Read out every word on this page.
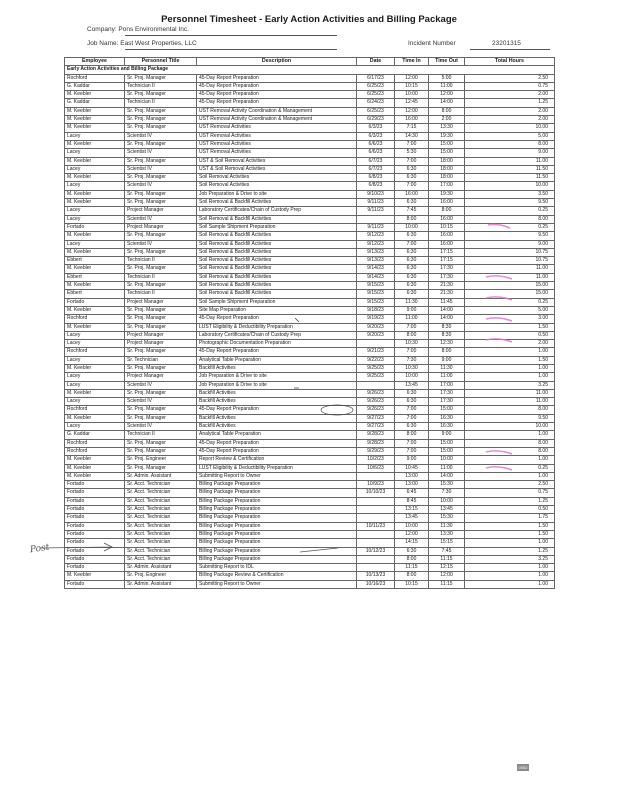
Personnel Timesheet - Early Action Activities and Billing Package
Company: Pons Environmental Inc.
Job Name: East West Properties, LLC	Incident Number	23201315
Employee	Personnel Title	Description	Date	Time In	Time Out	Total Hours
Early Action Activities and Billing Package						
Rochford	Sr. Proj. Manager	45-Day Report Preparation	6/17/23	12:00	5:00	2.50
G. Kaddar	Technician II	45-Day Report Preparation	6/25/23	10:15	11:00	0.75
M. Keebler	Sr. Proj. Manager	45-Day Report Preparation	6/25/23	10:00	12:00	2.00
G. Kaddar	Technician II	45-Day Report Preparation	6/24/23	12:45	14:00	1.25
M. Keebler	Sr. Proj. Manager	UST Removal Activity Coordination & Management	6/25/23	12:00	8:00	2.00
M. Keebler	Sr. Proj. Manager	UST Removal Activity Coordination & Management	6/29/23	16:00	2:00	2.00
M. Keebler	Sr. Proj. Manager	UST Removal Activities	6/3/23	7:15	13:30	10.00
Lacey	Scientist IV	UST Removal Activities	6/3/23	14:30	19:30	5.00
M. Keebler	Sr. Proj. Manager	UST Removal Activities	6/6/23	7:00	15:00	8.00
Lacey	Scientist IV	UST Removal Activities	6/6/23	5:30	15:00	9.00
M. Keebler	Sr. Proj. Manager	UST & Soil Removal Activities	6/7/23	7:00	18:00	11.00
Lacey	Scientist IV	UST & Soil Removal Activities	6/7/23	6:30	18:00	11.50
M. Keebler	Sr. Proj. Manager	Soil Removal Activities	6/8/23	6:30	18:00	11.50
Lacey	Scientist IV	Soil Removal Activities	6/8/23	7:00	17:00	10.00
M. Keebler	Sr. Proj. Manager	Job Preparation & Drive to site	9/10/23	16:00	19:30	3.50
M. Keebler	Sr. Proj. Manager	Soil Removal & Backfill Activities	9/11/23	6:30	16:00	9.50
Lacey	Project Manager	Laboratory Certificates/Chain of Custody Prep	9/11/23	7:45	8:00	0.25
Lacey	Scientist IV	Soil Removal & Backfill Activities		8:00	16:00	8.00
Fortado	Project Manager	Soil Sample Shipment Preparation	9/11/23	10:00	10:15	0.25
M. Keebler	Sr. Proj. Manager	Soil Removal & Backfill Activities	9/12/23	6:30	16:00	9.50
Lacey	Scientist IV	Soil Removal & Backfill Activities	9/12/23	7:00	16:00	9.00
M. Keebler	Sr. Proj. Manager	Soil Removal & Backfill Activities	9/13/23	6:30	17:15	10.75
Ebbert	Technician II	Soil Removal & Backfill Activities	9/13/23	6:30	17:15	10.75
M. Keebler	Sr. Proj. Manager	Soil Removal & Backfill Activities	9/14/23	6:30	17:30	11.00
Ebbert	Technician II	Soil Removal & Backfill Activities	9/14/23	6:30	17:30	11.00
M. Keebler	Sr. Proj. Manager	Soil Removal & Backfill Activities	9/15/23	6:30	21:30	15.00
Ebbert	Technician II	Soil Removal & Backfill Activities	9/15/23	6:30	21:30	15.00
Fortado	Project Manager	Soil Sample Shipment Preparation	9/15/23	11:30	11:45	0.25
M. Keebler	Sr. Proj. Manager	Site Map Preparation	9/18/23	9:00	14:00	5.00
Rochford	Sr. Proj. Manager	45-Day Report Preparation	9/19/23	11:00	14:00	3.00
M. Keebler	Sr. Proj. Manager	LUST Eligibility & Deductibility Preparation	9/20/23	7:00	8:30	1.50
Lacey	Project Manager	Laboratory Certificates/Chain of Custody Prep	9/20/23	8:00	8:30	0.50
Lacey	Project Manager	Photographic Documentation Preparation		10:30	12:30	2.00
Rochford	Sr. Proj. Manager	45-Day Report Preparation	9/21/23	7:00	8:00	1.00
Lacey	Sr. Technician	Analytical Table Preparation	9/22/23	7:30	9:00	1.50
M. Keebler	Sr. Proj. Manager	Backfill Activities	9/25/23	10:30	11:30	1.00
Lacey	Project Manager	Job Preparation & Drive to site	9/25/23	10:00	11:00	1.00
Lacey	Scientist IV	Job Preparation & Drive to site		13:45	17:00	3.25
M. Keebler	Sr. Proj. Manager	Backfill Activities	9/26/23	6:30	17:30	11.00
Lacey	Scientist IV	Backfill Activities	9/26/23	6:30	17:30	11.00
Rochford	Sr. Proj. Manager	45-Day Report Preparation	9/26/23	7:00	15:00	8.00
M. Keebler	Sr. Proj. Manager	Backfill Activities	9/27/23	7:00	16:30	9.50
Lacey	Scientist IV	Backfill Activities	9/27/23	6:30	16:30	10.00
G. Kaddar	Technician II	Analytical Table Preparation	9/28/23	8:00	9:00	1.00
Rochford	Sr. Proj. Manager	45-Day Report Preparation	9/28/23	7:00	15:00	8.00
Rochford	Sr. Proj. Manager	45-Day Report Preparation	9/29/23	7:00	15:00	8.00
M. Keebler	Sr. Proj. Engineer	Report Review & Certification	10/2/23	9:00	10:00	1.00
M. Keebler	Sr. Proj. Manager	LUST Eligibility & Deductibility Preparation	10/6/23	10:45	11:00	0.25
M. Keebler	Sr. Admin. Assistant	Submitting Report to Owner		13:00	14:00	1.00
Fortado	Sr. Acct. Technician	Billing Package Preparation	10/9/23	13:00	15:30	2.50
Fortado	Sr. Acct. Technician	Billing Package Preparation	10/10/23	6:45	7:30	0.75
Fortado	Sr. Acct. Technician	Billing Package Preparation		8:45	10:00	1.25
Fortado	Sr. Acct. Technician	Billing Package Preparation		13:15	13:45	0.50
Fortado	Sr. Acct. Technician	Billing Package Preparation		13:45	15:30	1.75
Fortado	Sr. Acct. Technician	Billing Package Preparation	10/11/23	10:00	11:30	1.50
Fortado	Sr. Acct. Technician	Billing Package Preparation		12:00	13:30	1.50
Fortado	Sr. Acct. Technician	Billing Package Preparation		14:15	15:15	1.00
Fortado	Sr. Acct. Technician	Billing Package Preparation	10/12/23	6:30	7:45	1.25
Fortado	Sr. Acct. Technician	Billing Package Preparation		8:00	11:15	3.25
Fortado	Sr. Admin. Assistant	Submitting Report to IDL		11:15	12:15	1.00
M. Keebler	Sr. Proj. Engineer	Billing Package Review & Certification	10/13/23	8:00	12:00	1.00
Fortado	Sr. Admin. Assistant	Submitting Report to Owner	10/16/23	10:15	11:15	1.00
Post
0052
